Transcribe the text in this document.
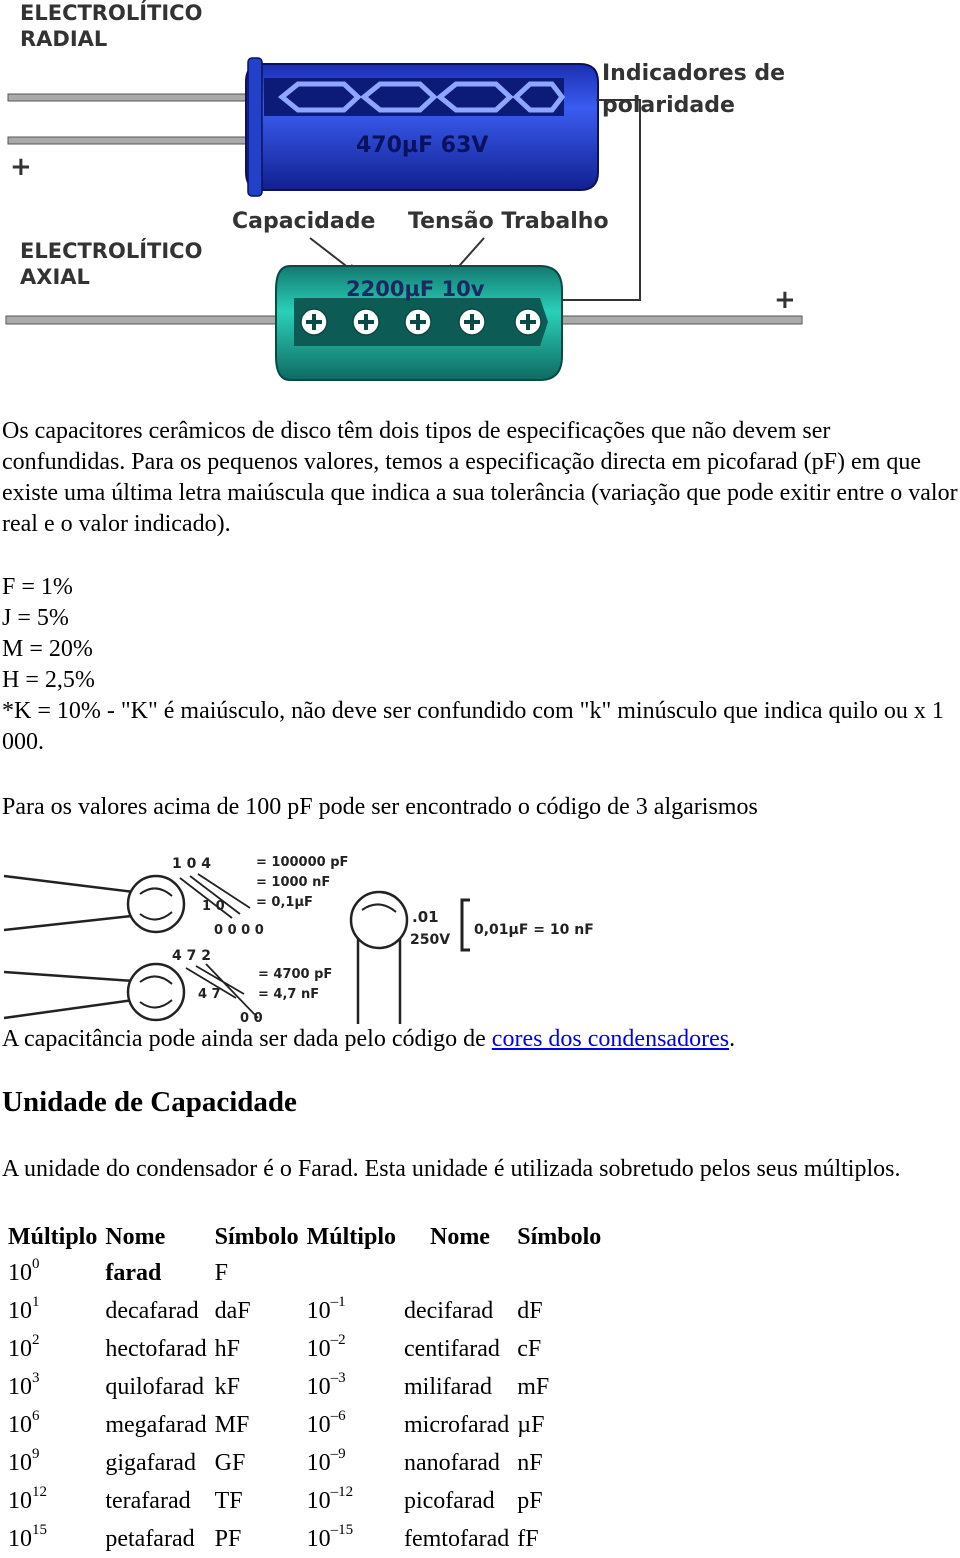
ELECTROLÍTICO
RADIAL
+
470µF 63V
Indicadores de
polaridade
Capacidade Tensão Trabalho
ELECTROLÍTICO
AXIAL
+
2200µF 10v

Os capacitores cerâmicos de disco têm dois tipos de especificações que não devem ser confundidas. Para os pequenos valores, temos a especificação directa em picofarad (pF) em que existe uma última letra maiúscula que indica a sua tolerância (variação que pode exitir entre o valor real e o valor indicado).

F = 1%
J = 5%
M = 20%
H = 2,5%
*K = 10% - "K" é maiúsculo, não deve ser confundido com "k" minúsculo que indica quilo ou x 1 000.

Para os valores acima de 100 pF pode ser encontrado o código de 3 algarismos

1 0 4	= 100000 pF
= 1000 nF
= 0,1µF
1 0
0 0 0 0
4 7 2
= 4700 pF
= 4,7 nF
4 7
0 0
.01
250V
0,01µF = 10 nF

A capacitância pode ainda ser dada pelo código de cores dos condensadores.

Unidade de Capacidade

A unidade do condensador é o Farad. Esta unidade é utilizada sobretudo pelos seus múltiplos.

Múltiplo	Nome	Símbolo	Múltiplo	Nome	Símbolo
$10^0$	farad	F			
$10^1$	decafarad	daF	$10^{-1}$	decifarad	dF
$10^2$	hectofarad	hF	$10^{-2}$	centifarad	cF
$10^3$	quilofarad	kF	$10^{-3}$	milifarad	mF
$10^6$	megafarad	MF	$10^{-6}$	microfarad	µF
$10^9$	gigafarad	GF	$10^{-9}$	nanofarad	nF
$10^{12}$	terafarad	TF	$10^{-12}$	picofarad	pF
$10^{15}$	petafarad	PF	$10^{-15}$	femtofarad	fF
